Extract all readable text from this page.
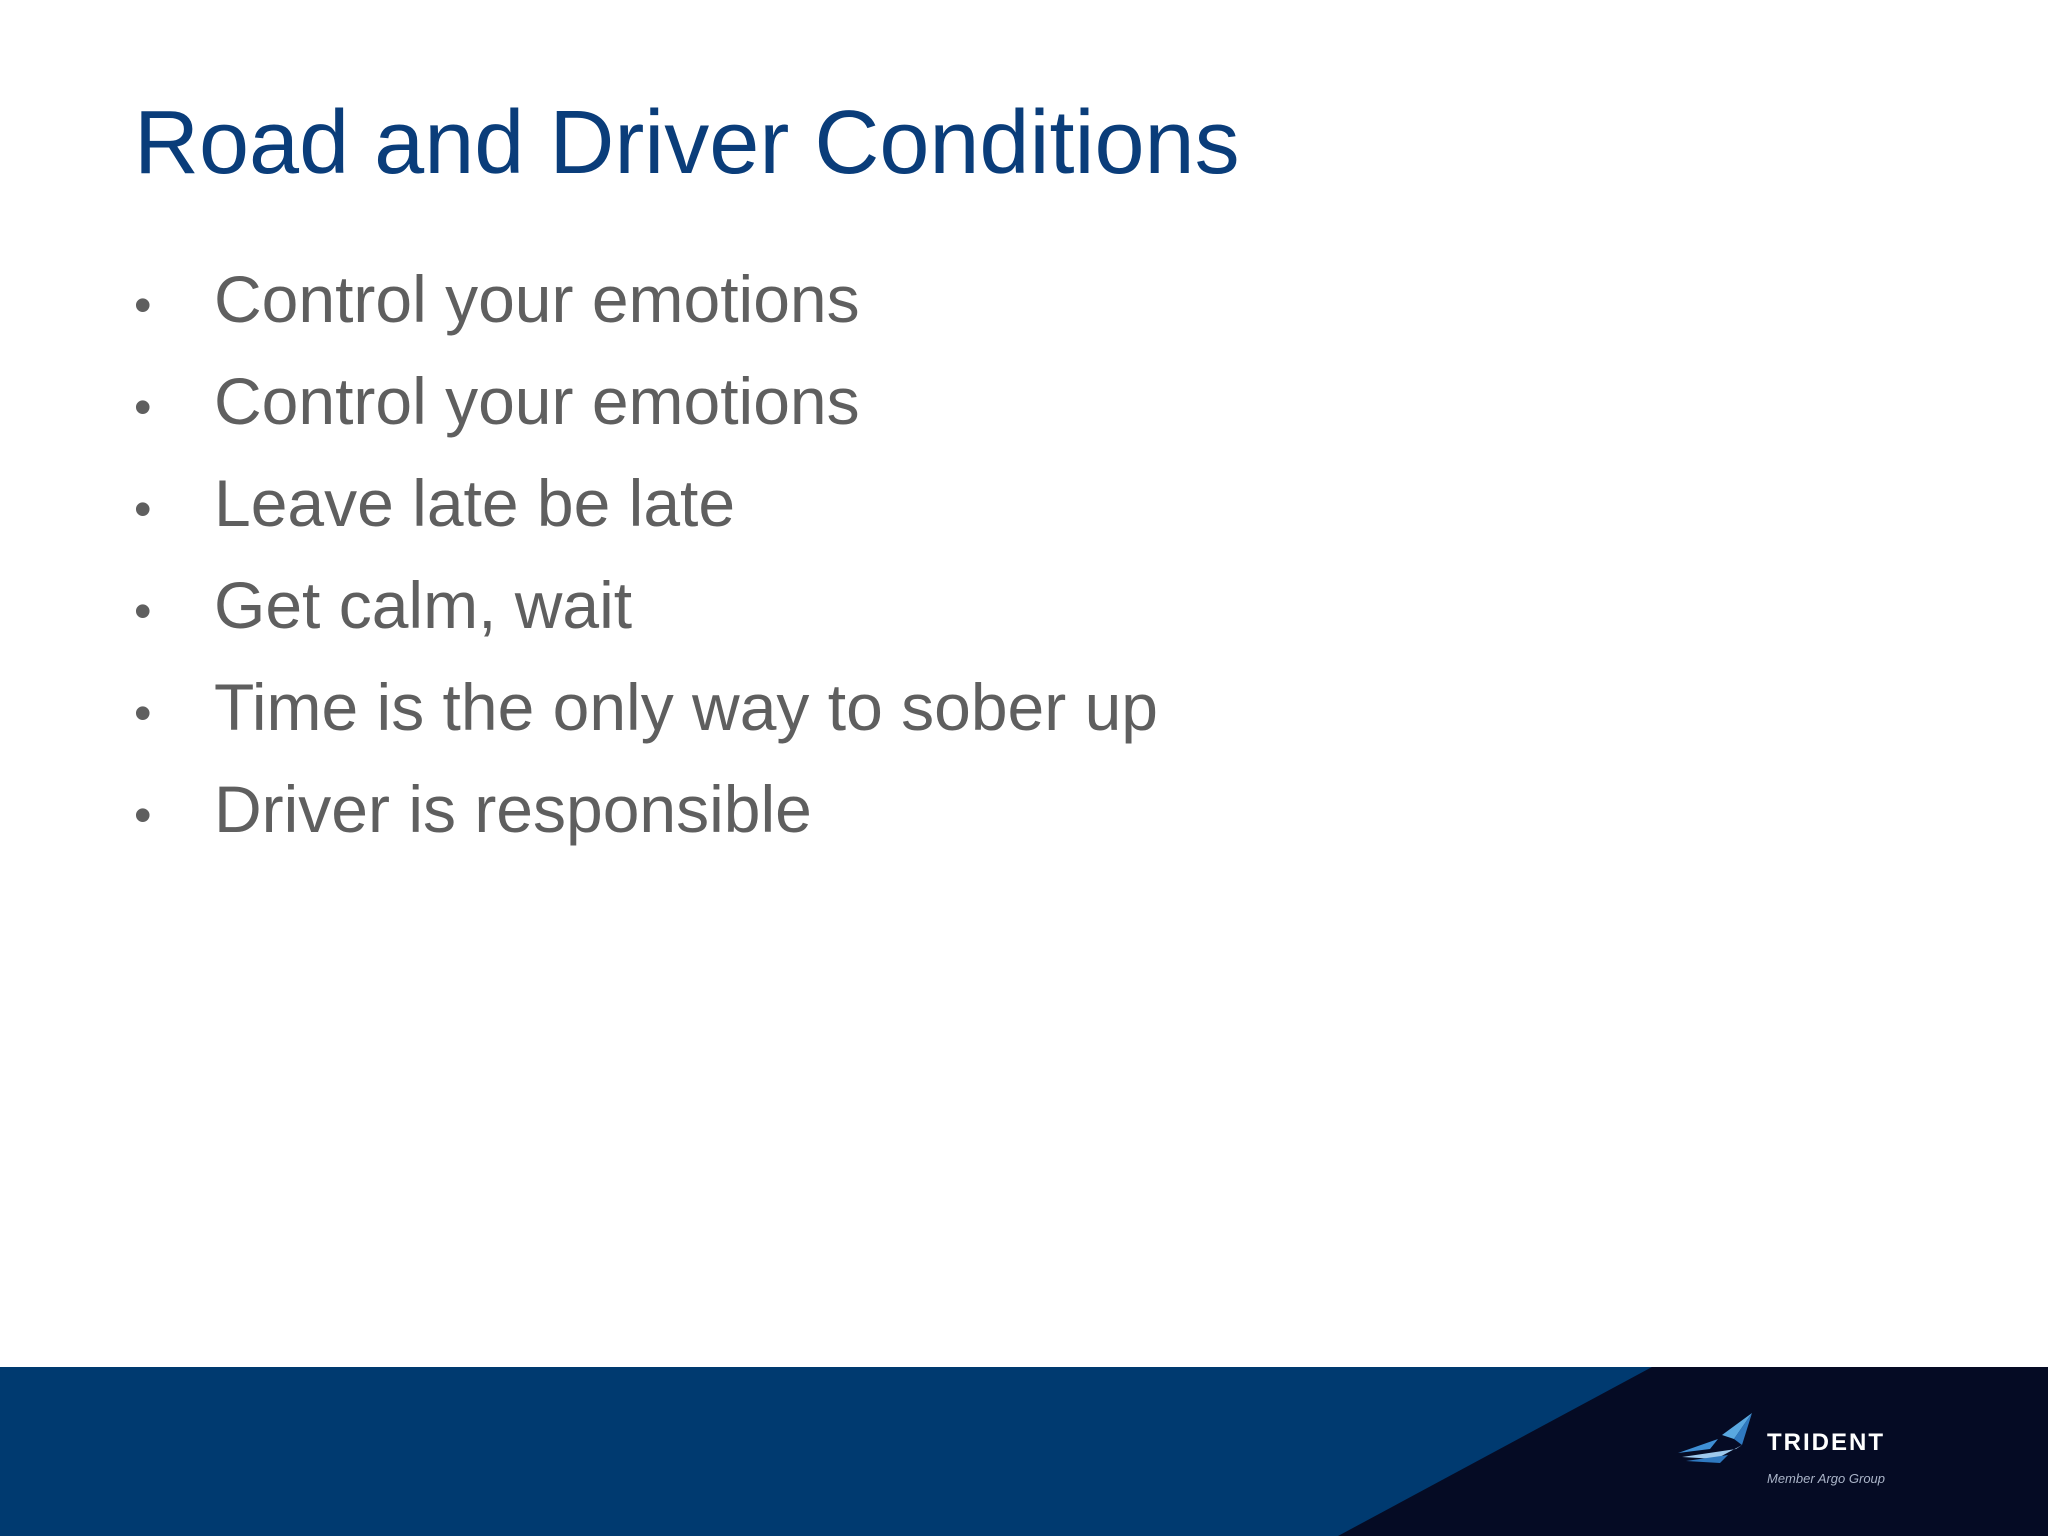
Road and Driver Conditions
• Control your emotions
• Control your emotions
• Leave late be late
• Get calm, wait
• Time is the only way to sober up
• Driver is responsible
TRIDENT
Member Argo Group
